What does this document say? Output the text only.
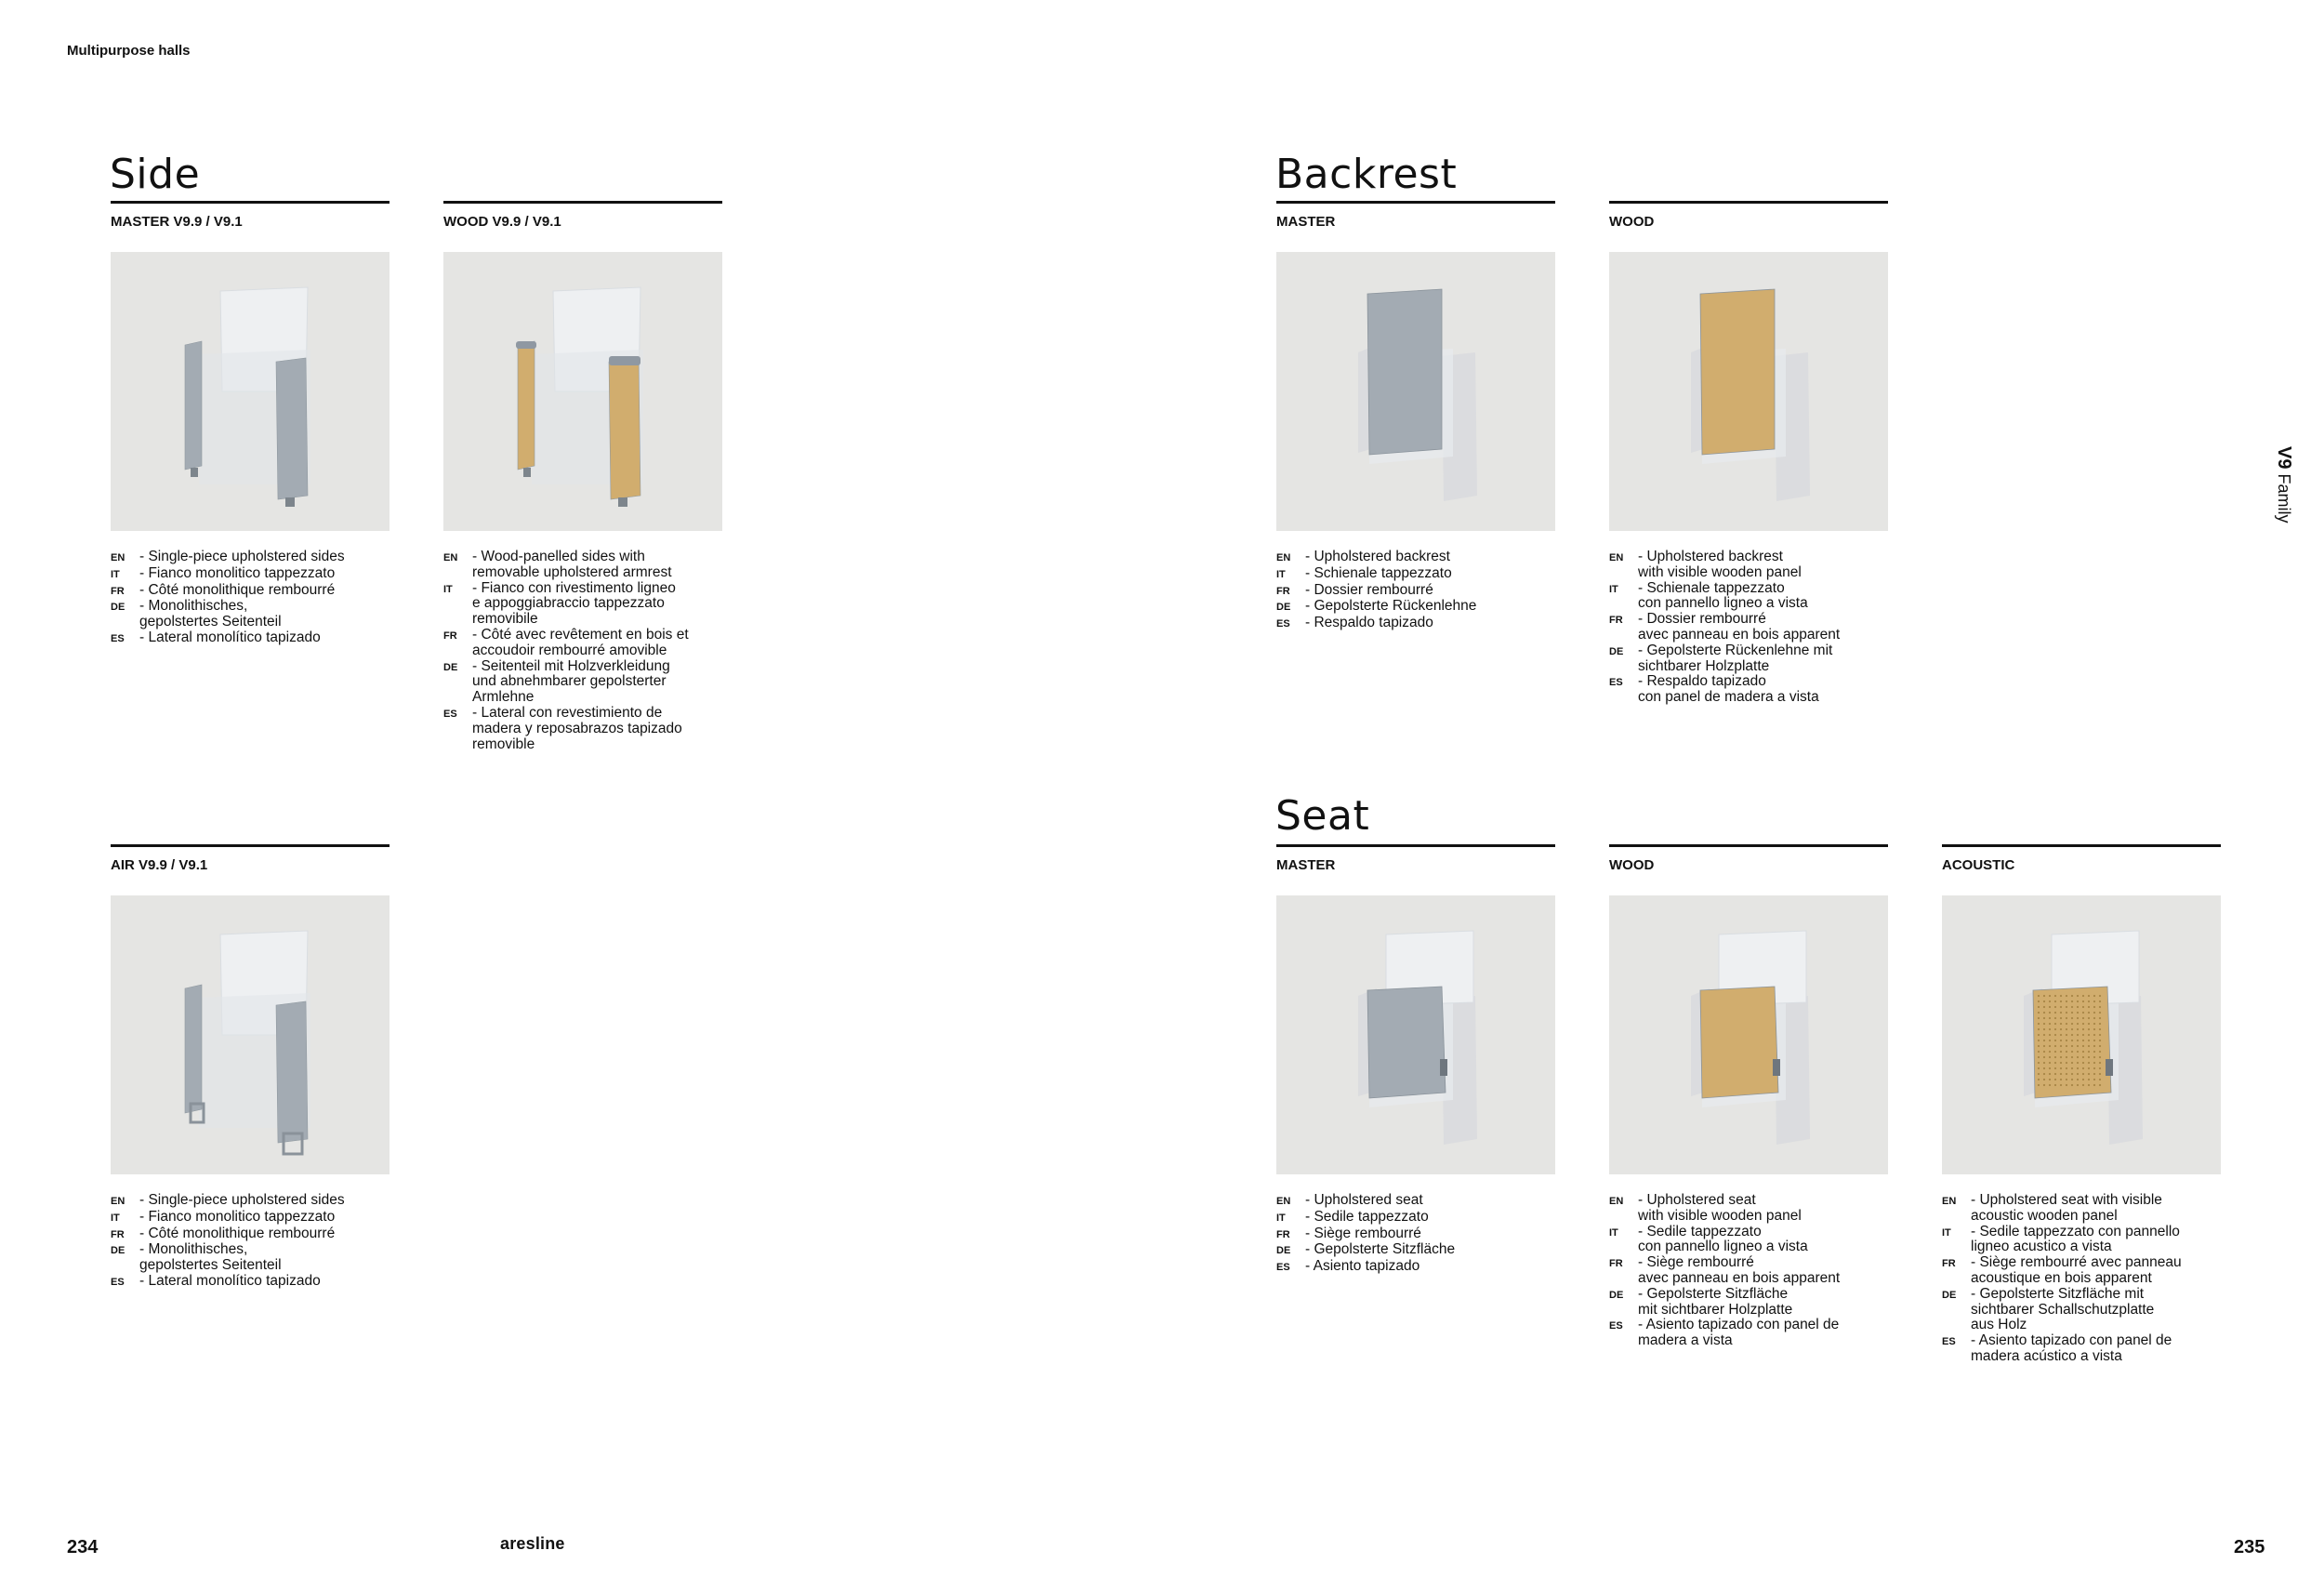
Multipurpose halls
Side	Backrest
Seat
MASTER V9.9 / V9.1
EN	- Single-piece upholstered sides
IT	- Fianco monolitico tappezzato
FR	- Côté monolithique rembourré
DE	- Monolithisches,
gepolstertes Seitenteil
ES	- Lateral monolítico tapizado
WOOD V9.9 / V9.1
EN	- Wood-panelled sides with
removable upholstered armrest
IT	- Fianco con rivestimento ligneo
e appoggiabraccio tappezzato
removibile
FR	- Côté avec revêtement en bois et
accoudoir rembourré amovible
DE	- Seitenteil mit Holzverkleidung
und abnehmbarer gepolsterter
Armlehne
ES	- Lateral con revestimiento de
madera y reposabrazos tapizado
removible
AIR V9.9 / V9.1
EN	- Single-piece upholstered sides
IT	- Fianco monolitico tappezzato
FR	- Côté monolithique rembourré
DE	- Monolithisches,
gepolstertes Seitenteil
ES	- Lateral monolítico tapizado
MASTER
EN	- Upholstered backrest
IT	- Schienale tappezzato
FR	- Dossier rembourré
DE	- Gepolsterte Rückenlehne
ES	- Respaldo tapizado
WOOD
EN	- Upholstered backrest
with visible wooden panel
IT	- Schienale tappezzato
con pannello ligneo a vista
FR	- Dossier rembourré
avec panneau en bois apparent
DE	- Gepolsterte Rückenlehne mit
sichtbarer Holzplatte
ES	- Respaldo tapizado
con panel de madera a vista
MASTER
EN	- Upholstered seat
IT	- Sedile tappezzato
FR	- Siège rembourré
DE	- Gepolsterte Sitzfläche
ES	- Asiento tapizado
WOOD
EN	- Upholstered seat
with visible wooden panel
IT	- Sedile tappezzato
con pannello ligneo a vista
FR	- Siège rembourré
avec panneau en bois apparent
DE	- Gepolsterte Sitzfläche
mit sichtbarer Holzplatte
ES	- Asiento tapizado con panel de
madera a vista
ACOUSTIC
EN	- Upholstered seat with visible
acoustic wooden panel
IT	- Sedile tappezzato con pannello
ligneo acustico a vista
FR	- Siège rembourré avec panneau
acoustique en bois apparent
DE	- Gepolsterte Sitzfläche mit
sichtbarer Schallschutzplatte
aus Holz
ES	- Asiento tapizado con panel de
madera acústico a vista
V9 Family
234	aresline	235
